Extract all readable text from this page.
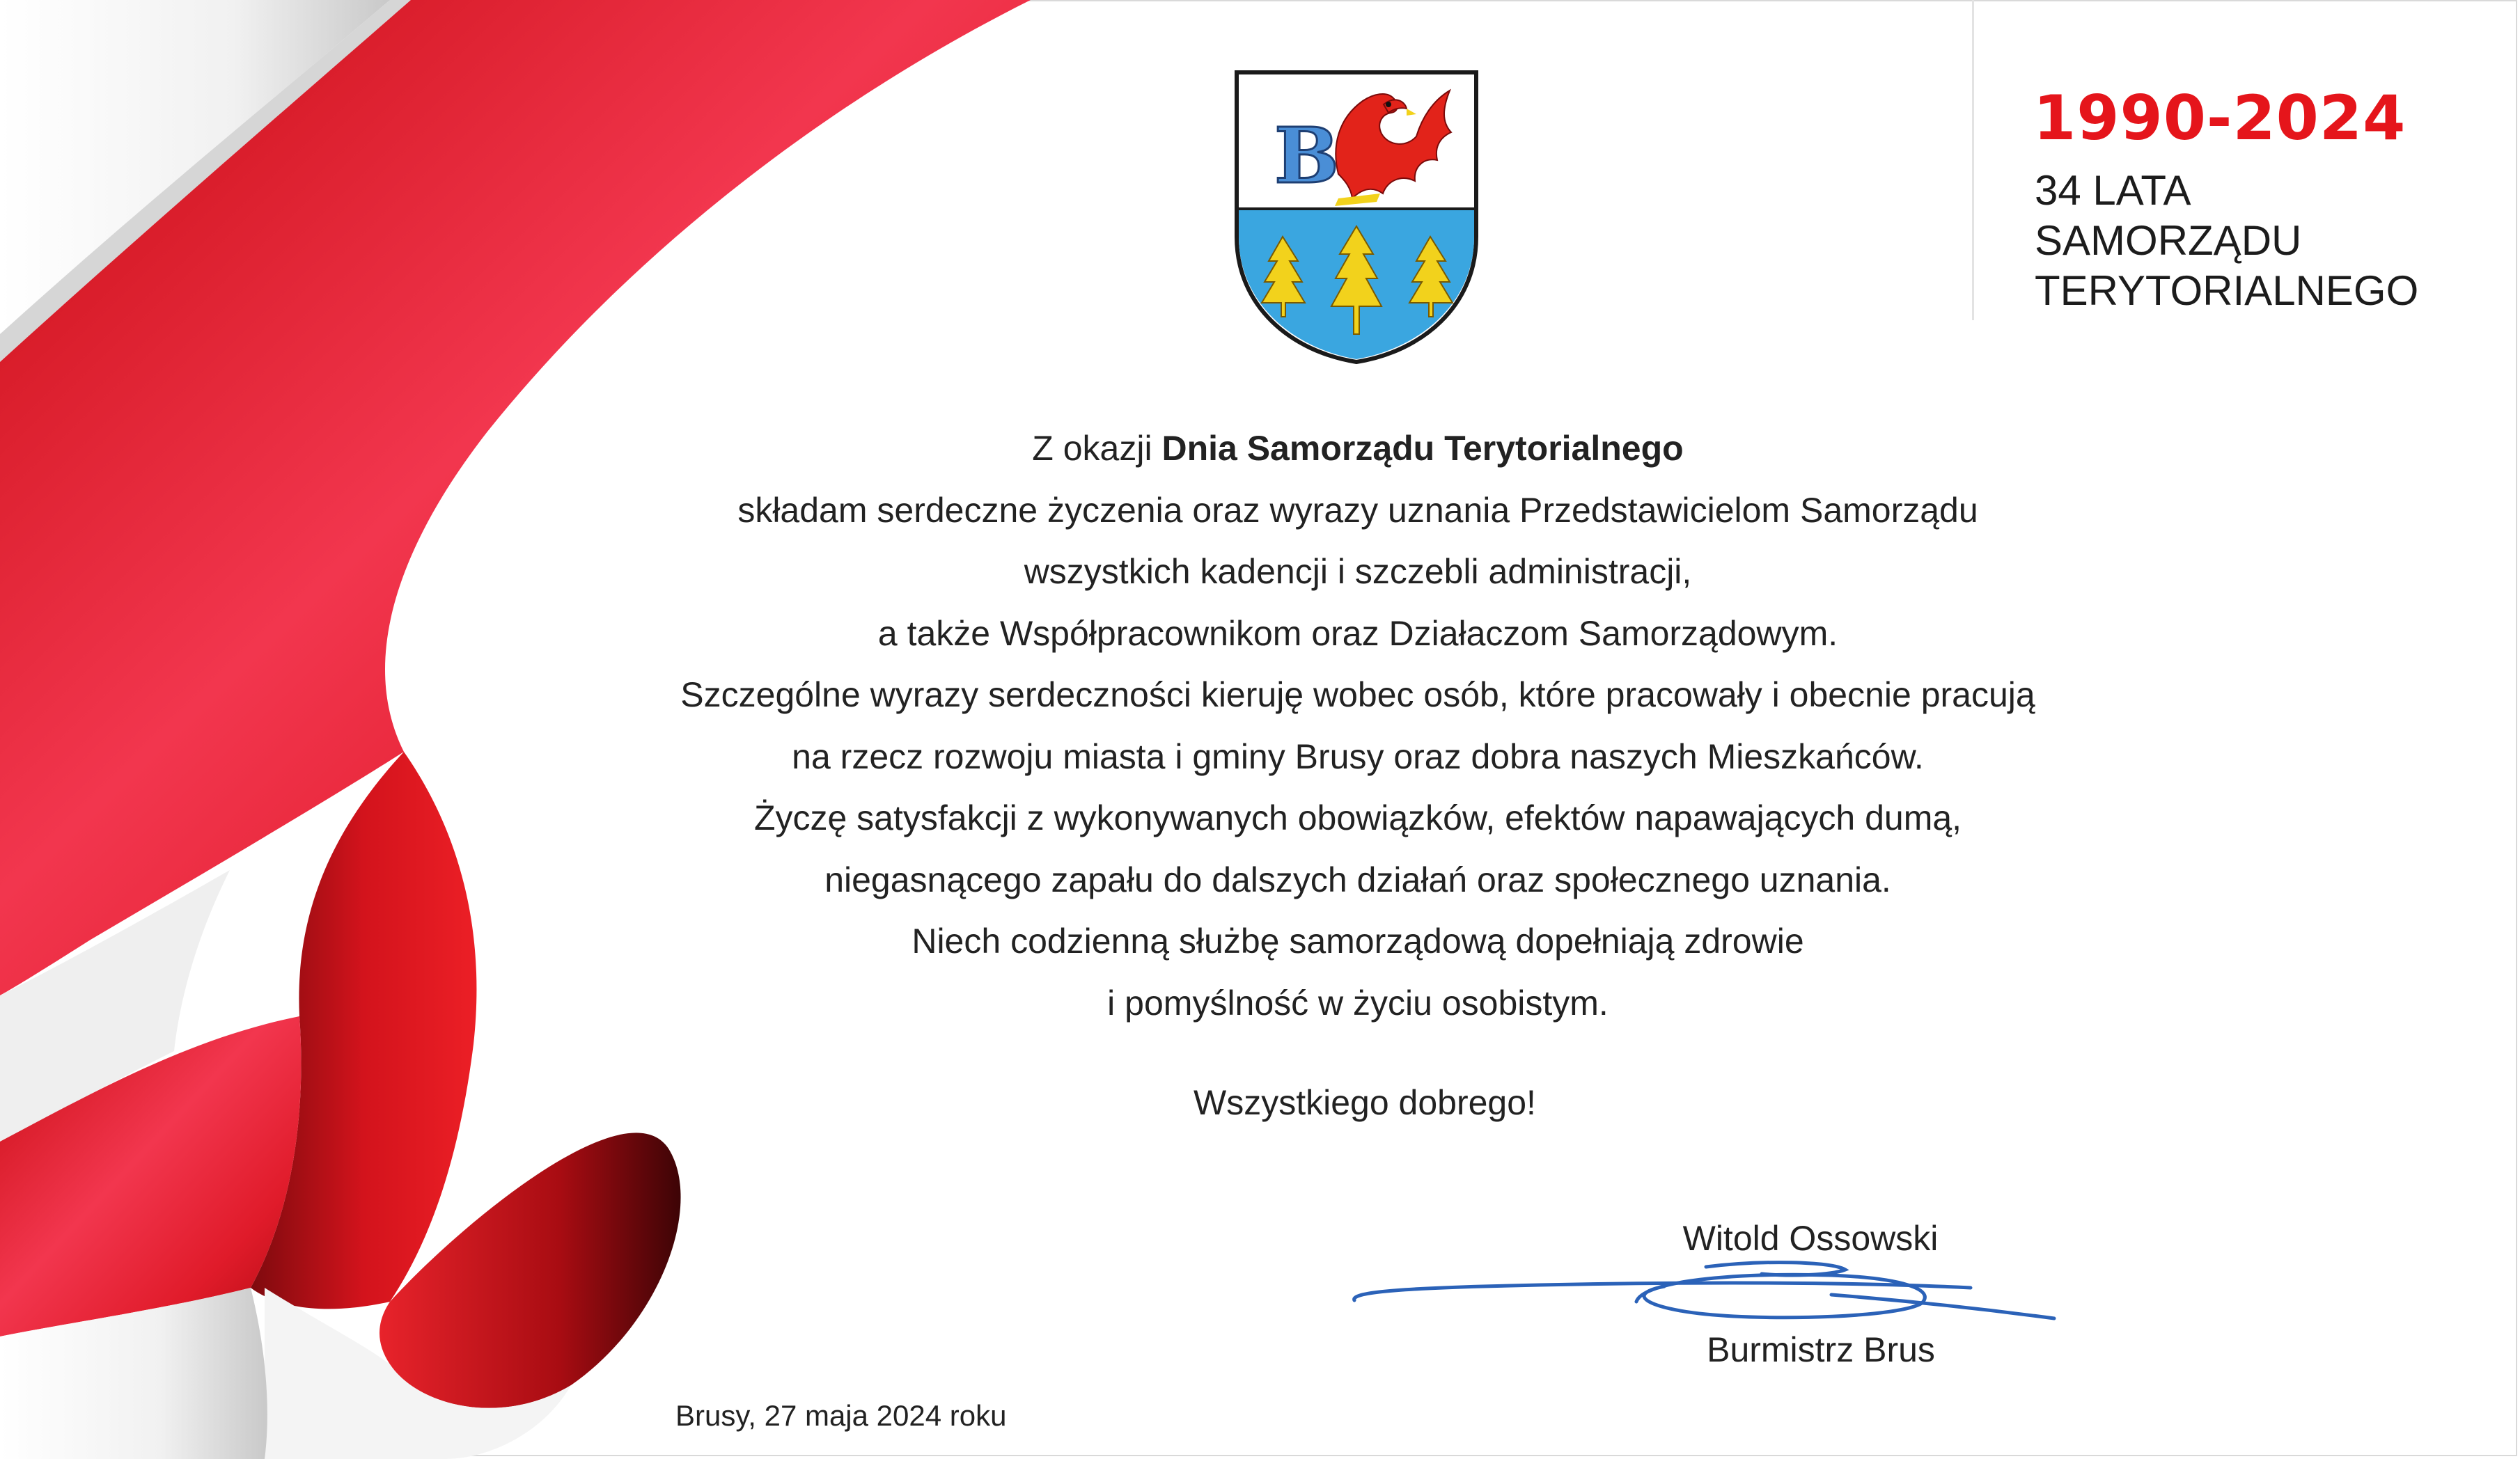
B	1990-2024
34 LATA
SAMORZĄDU
TERYTORIALNEGO
Z okazji Dnia Samorządu Terytorialnego
składam serdeczne życzenia oraz wyrazy uznania Przedstawicielom Samorządu
wszystkich kadencji i szczebli administracji,
a także Współpracownikom oraz Działaczom Samorządowym.
Szczególne wyrazy serdeczności kieruję wobec osób, które pracowały i obecnie pracują
na rzecz rozwoju miasta i gminy Brusy oraz dobra naszych Mieszkańców.
Życzę satysfakcji z wykonywanych obowiązków, efektów napawających dumą,
niegasnącego zapału do dalszych działań oraz społecznego uznania.
Niech codzienną służbę samorządową dopełniają zdrowie
i pomyślność w życiu osobistym.
Wszystkiego dobrego!
Witold Ossowski
Burmistrz Brus
Brusy, 27 maja 2024 roku
